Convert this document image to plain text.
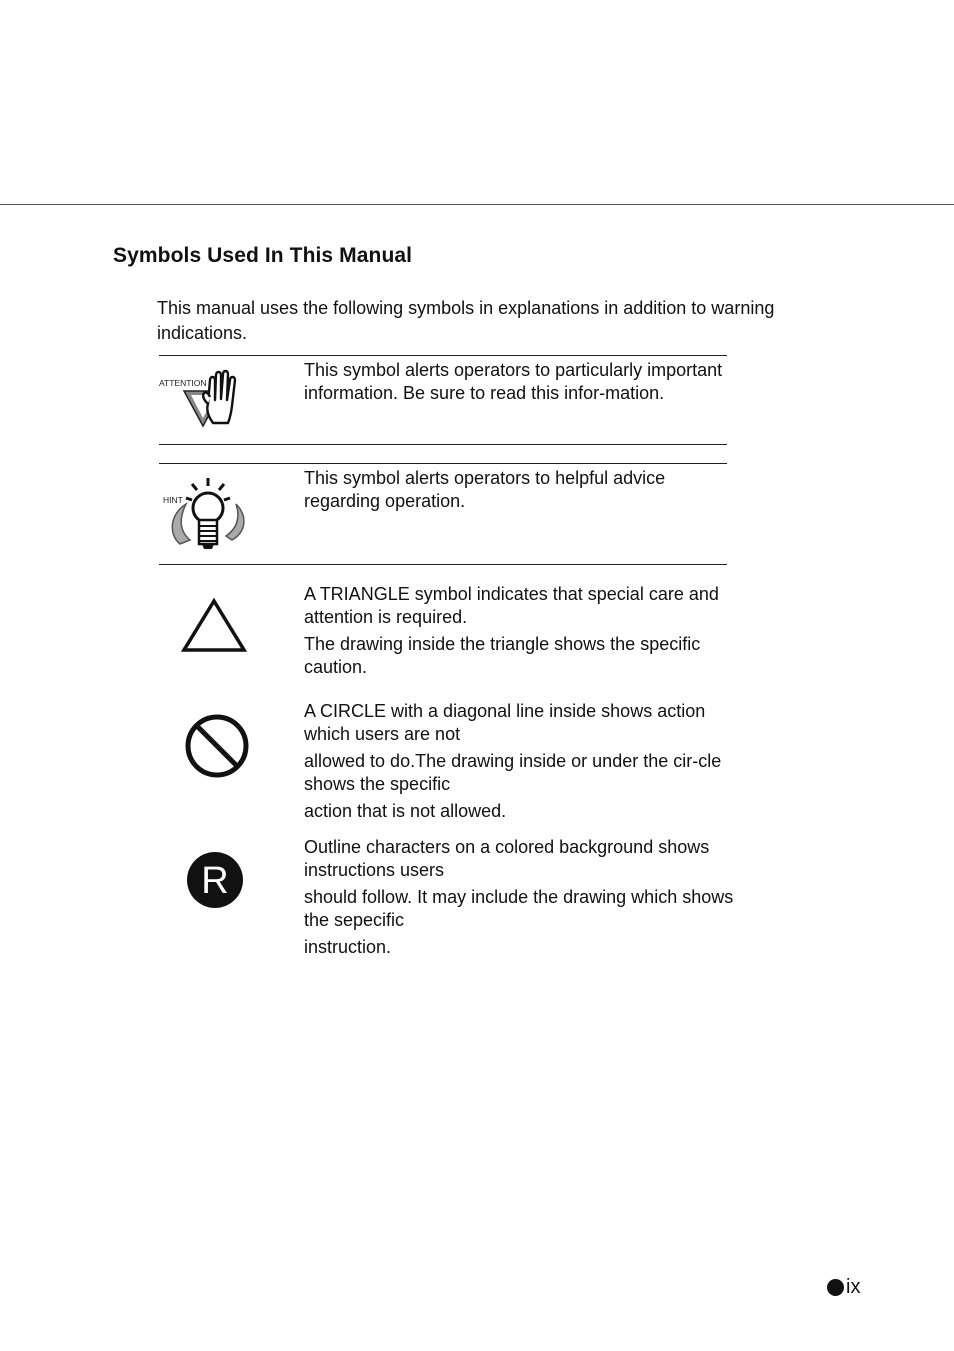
Symbols Used In This Manual
This manual uses the following symbols in explanations in addition to warning indications.
ATTENTION

This symbol alerts operators to particularly important information. Be sure to read this infor-mation.

HINT

This symbol alerts operators to helpful advice regarding operation.

A TRIANGLE symbol indicates that special care and attention is required.

The drawing inside the triangle shows the specific caution.

A CIRCLE with a diagonal line inside shows action which users are not

allowed to do.The drawing inside or under the cir-cle shows the specific

action that is not allowed.

R

Outline characters on a colored background shows instructions users

should follow. It may include the drawing which shows the sepecific

instruction.

ix
